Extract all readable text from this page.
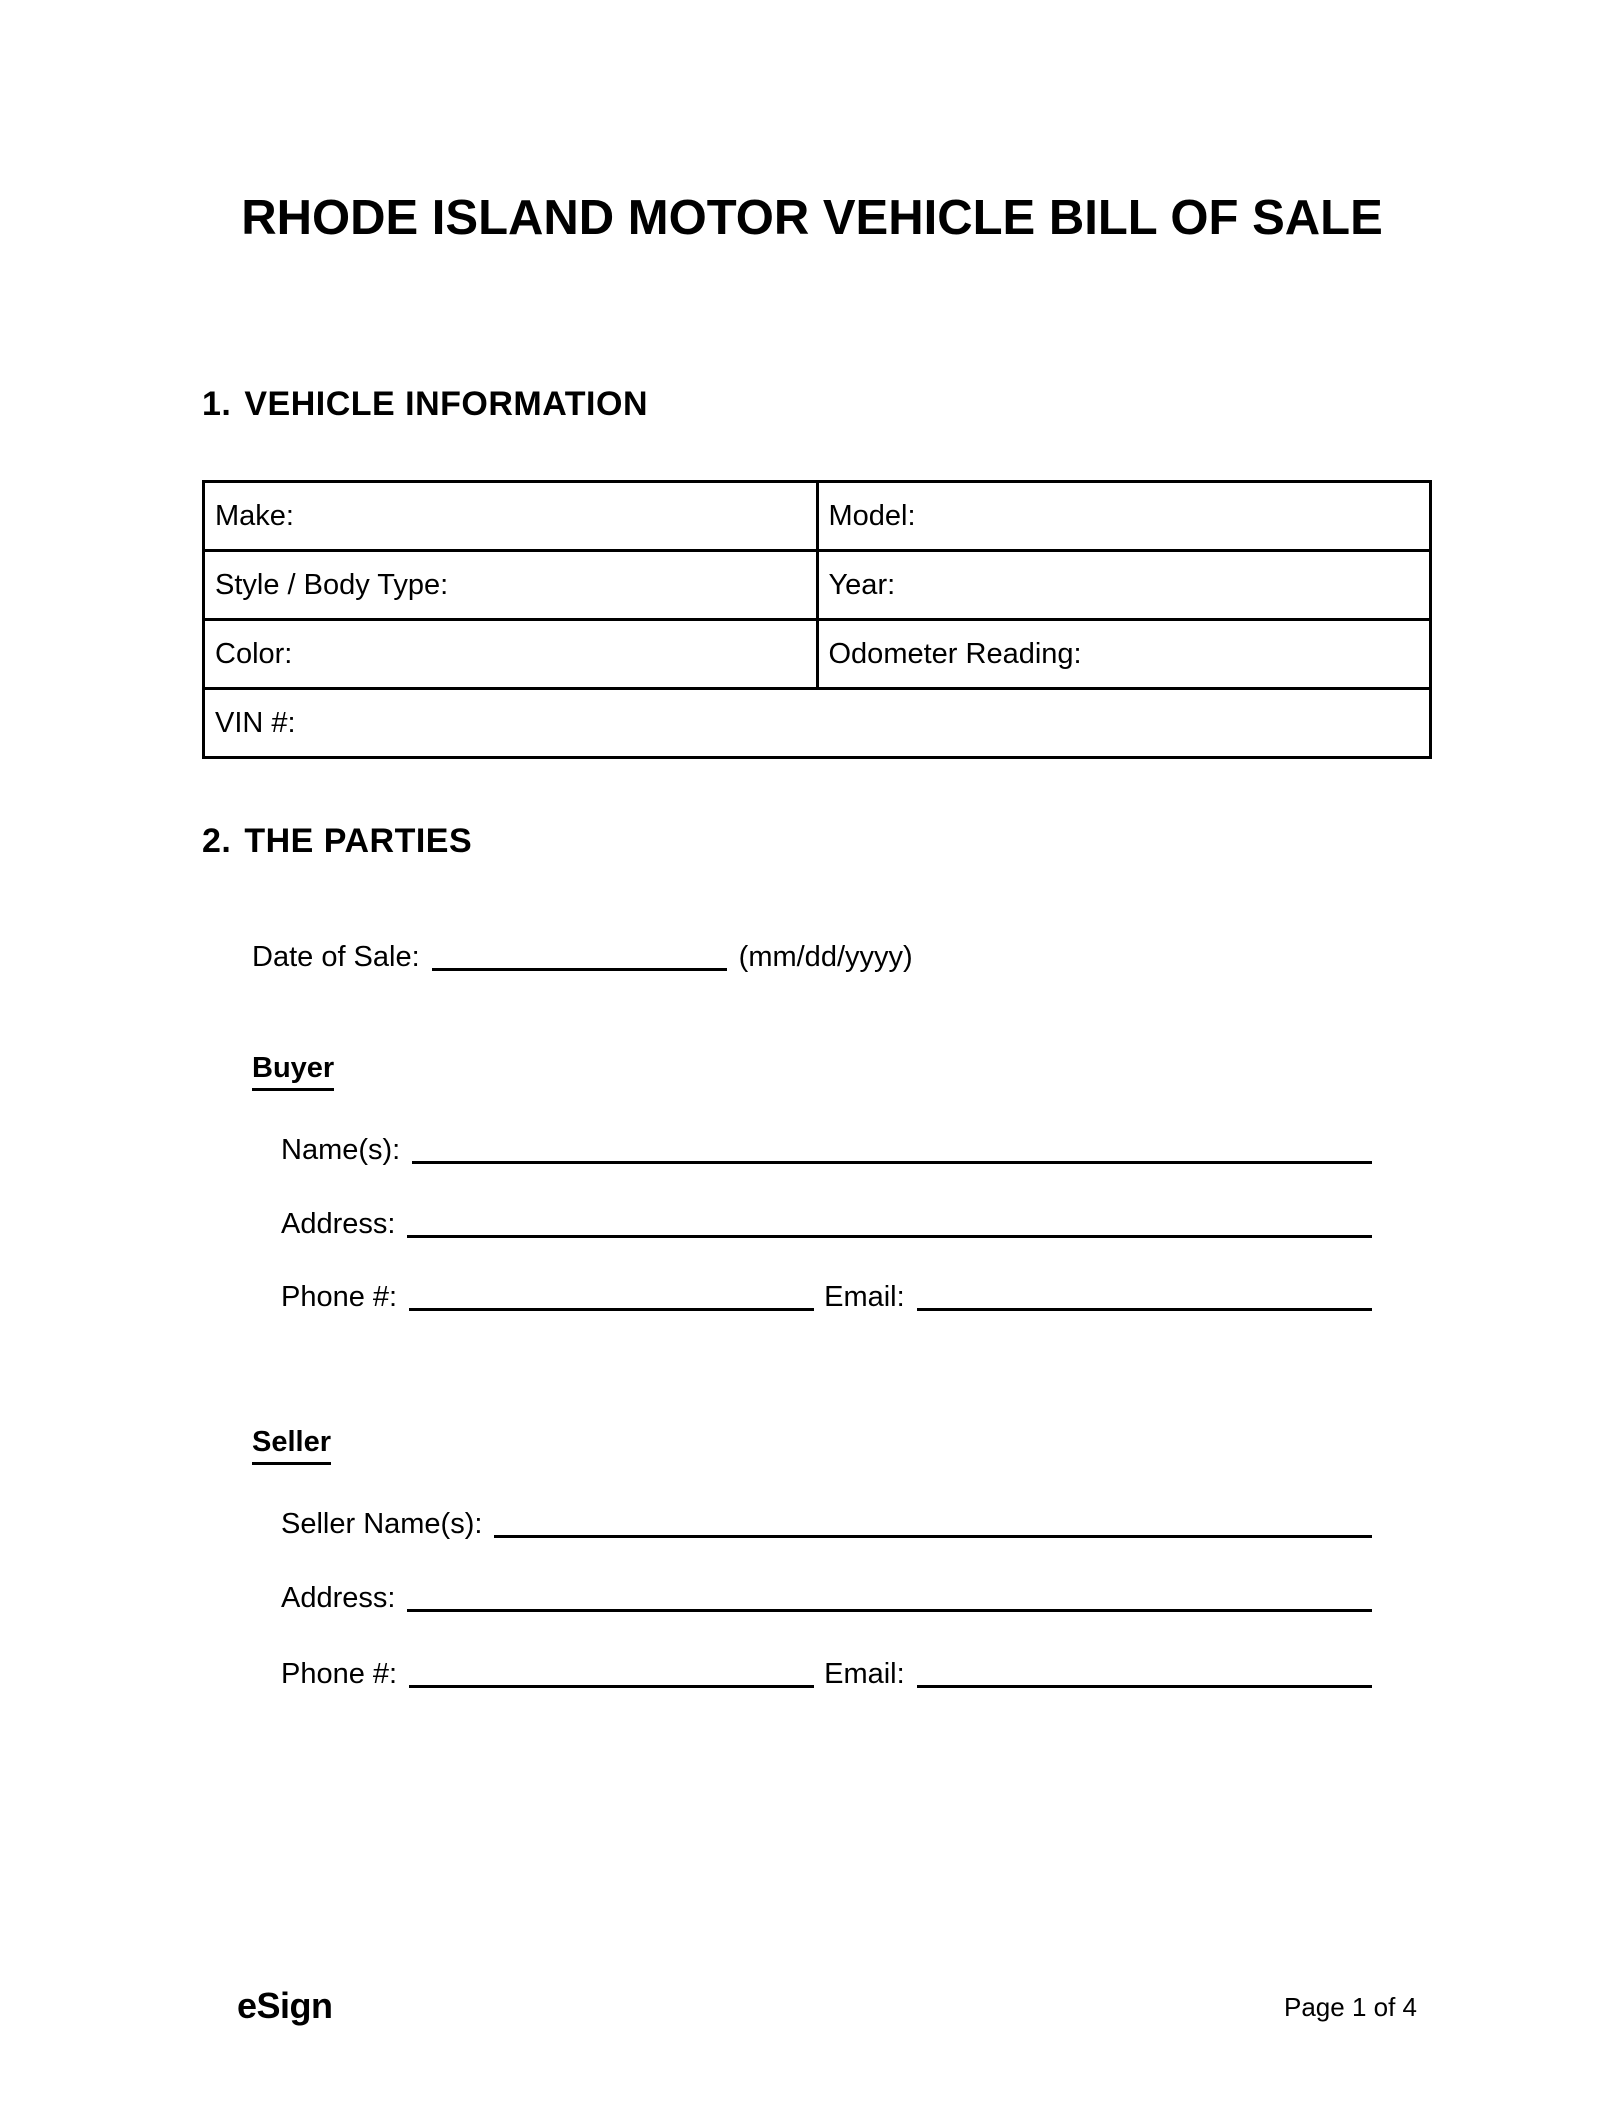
RHODE ISLAND MOTOR VEHICLE BILL OF SALE
1. VEHICLE INFORMATION
Make:	Model:
Style / Body Type:	Year:
Color:	Odometer Reading:
VIN #:	
2. THE PARTIES
Date of Sale:	(mm/dd/yyyy)
Buyer
Name(s):
Address:
Phone #:	Email:
Seller
Seller Name(s):
Address:
Phone #:	Email:
eSign	Page 1 of 4
